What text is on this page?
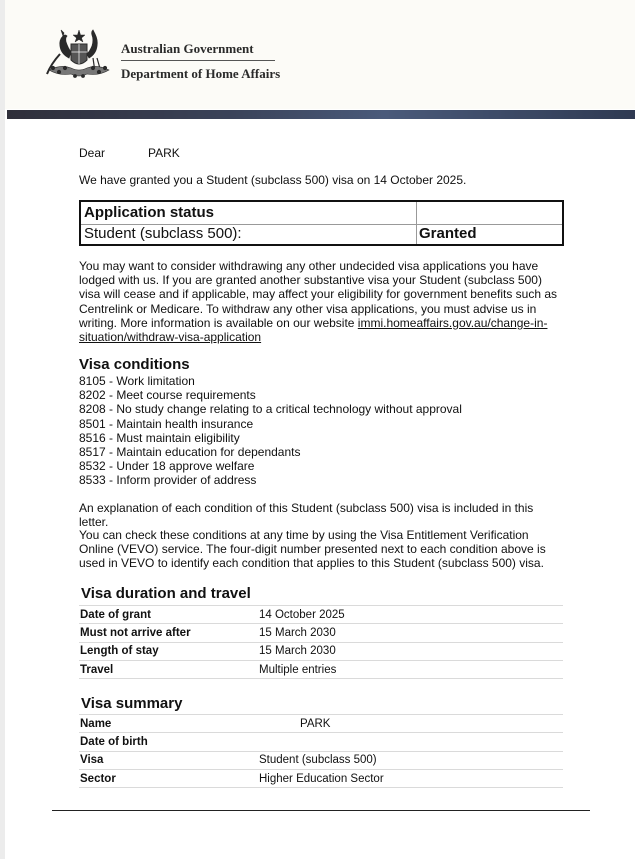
Australian Government
Department of Home Affairs
Dear	PARK
We have granted you a Student (subclass 500) visa on 14 October 2025.
Application status
Student (subclass 500):	Granted

You may want to consider withdrawing any other undecided visa applications you have lodged with us. If you are granted another substantive visa your Student (subclass 500) visa will cease and if applicable, may affect your eligibility for government benefits such as Centrelink or Medicare. To withdraw any other visa applications, you must advise us in writing. More information is available on our website immi.homeaffairs.gov.au/change-in-situation/withdraw-visa-application

Visa conditions
8105 - Work limitation
8202 - Meet course requirements
8208 - No study change relating to a critical technology without approval
8501 - Maintain health insurance
8516 - Must maintain eligibility
8517 - Maintain education for dependants
8532 - Under 18 approve welfare
8533 - Inform provider of address

An explanation of each condition of this Student (subclass 500) visa is included in this letter.

You can check these conditions at any time by using the Visa Entitlement Verification Online (VEVO) service. The four-digit number presented next to each condition above is used in VEVO to identify each condition that applies to this Student (subclass 500) visa.

Visa duration and travel
Date of grant	14 October 2025
Must not arrive after	15 March 2030
Length of stay	15 March 2030
Travel	Multiple entries
Visa summary
Name	PARK
Date of birth	
Visa	Student (subclass 500)
Sector	Higher Education Sector
